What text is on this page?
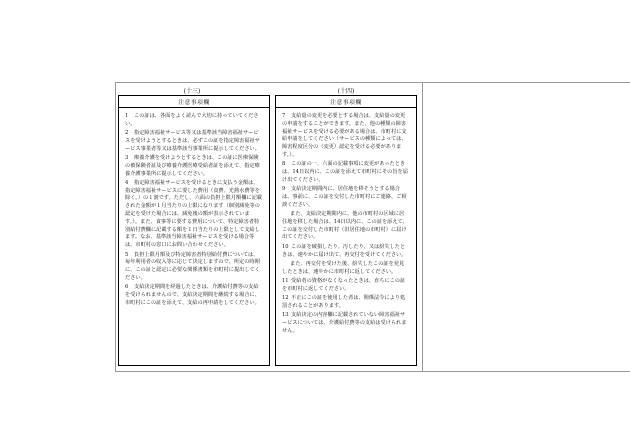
(十三)
注意事項欄
1 この証は、各面をよく読んで大切に持っていてください。
2 指定障害福祉サービス等又は基準該当障害福祉サービスを受けようとするときは、必ずこの証を指定障害福祉サービス事業者等又は基準該当事業所に提示してください。
3 療養介護を受けようとするときは、この証に医療保険の被保険者証及び療養介護医療受給者証を添えて、指定療養介護事業所に提示してください。
4 指定障害福祉サービスを受けるときに支払う金額は、指定障害福祉サービスに要した費用（食費、光熱水費等を除く。）の１割です。ただし、六面の負担上限月額欄に記載された金額が１月当たりの上限になります（個別減免等の認定を受けた場合には、減免後の額が表示されています。）。また、食事等に要する費用について、特定障害者特別給付費欄に記載する額を１日当たりの上限として支給します。なお、基準該当障害福祉サービスを受ける場合等は、市町村の窓口にお問い合わせください。
5 負担上限月額及び特定障害者特別給付費については、毎年利用者の収入等に応じて決定しますので、所定の時期に、この証と認定に必要な関係書類を市町村に提出してください。
6 支給決定期間を経過したときは、介護給付費等の支給を受けられませんので、支給決定期間を継続する場合に、市町村にこの証を添えて、支給の再申請をしてください。
(十四)
注意事項欄
7 支給量の変更を必要とする場合は、支給量の変更の申請をすることができます。また、他の種類の障害福祉サービスを受ける必要がある場合は、市町村に支給申請をしてください（サービスの種類によっては、障害程度区分の（変更）認定を受ける必要があります。）。
8 この証の一、六面の記載事項に変更があったときは、14日以内に、この証を添えて市町村にその旨を届け出てください。
9 支給決定期間内に、居住地を移そうとする場合は、事前に、この証を交付した市町村にご連絡、ご相談ください。
また、支給決定期間内に、他の市町村の区域に居住地を移した場合は、14日以内に、この証を添えて、この証を交付した市町村（旧居住地の市町村）に届け出てください。
10 この証を破損したり、汚したり、又は紛失したときは、速やかに届け出て、再交付を受けてください。
また、再交付を受けた後、紛失したこの証を発見したときは、速やかに市町村に返してください。
11 受給者の資格がなくなったときは、直ちにこの証を市町村に返してください。
12 不正にこの証を使用した者は、関係法令により処罰されることがあります。
13 支給決定の内容欄に記載されていない障害福祉サービスについては、介護給付費等の支給は受けられません。
